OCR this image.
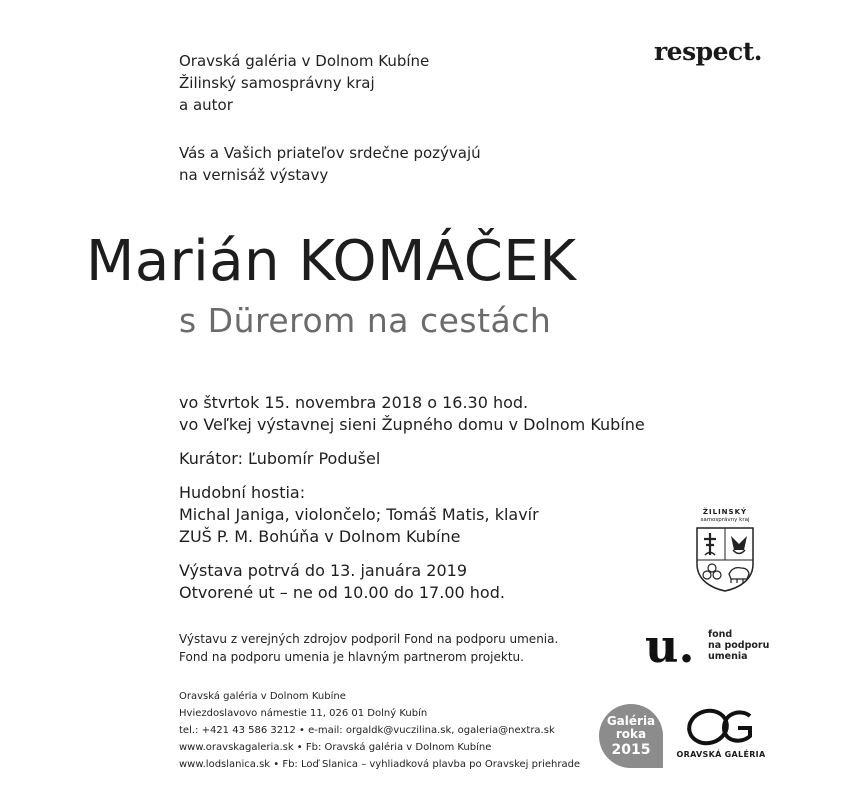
Oravská galéria v Dolnom Kubíne
Žilinský samosprávny kraj
a autor
Vás a Vašich priateľov srdečne pozývajú
na vernisáž výstavy
Marián KOMÁČEK
s Dürerom na cestách
vo štvrtok 15. novembra 2018 o 16.30 hod.
vo Veľkej výstavnej sieni Župného domu v Dolnom Kubíne
Kurátor: Ľubomír Podušel
Hudobní hostia:
Michal Janiga, violončelo; Tomáš Matis, klavír
ZUŠ P. M. Bohúňa v Dolnom Kubíne
Výstava potrvá do 13. januára 2019
Otvorené ut – ne od 10.00 do 17.00 hod.
Výstavu z verejných zdrojov podporil Fond na podporu umenia.
Fond na podporu umenia je hlavným partnerom projektu.
Oravská galéria v Dolnom Kubíne
Hviezdoslavovo námestie 11, 026 01 Dolný Kubín
tel.: +421 43 586 3212 • e-mail: orgaldk@vuczilina.sk, ogaleria@nextra.sk
www.oravskagaleria.sk • Fb: Oravská galéria v Dolnom Kubíne
www.lodslanica.sk • Fb: Loď Slanica – vyhliadková plavba po Oravskej priehrade
respect.
ŽILINSKÝ
samosprávny kraj
u. fond
na podporu
umenia
Galéria
roka
2015	ORAVSKÁ GALÉRIA
